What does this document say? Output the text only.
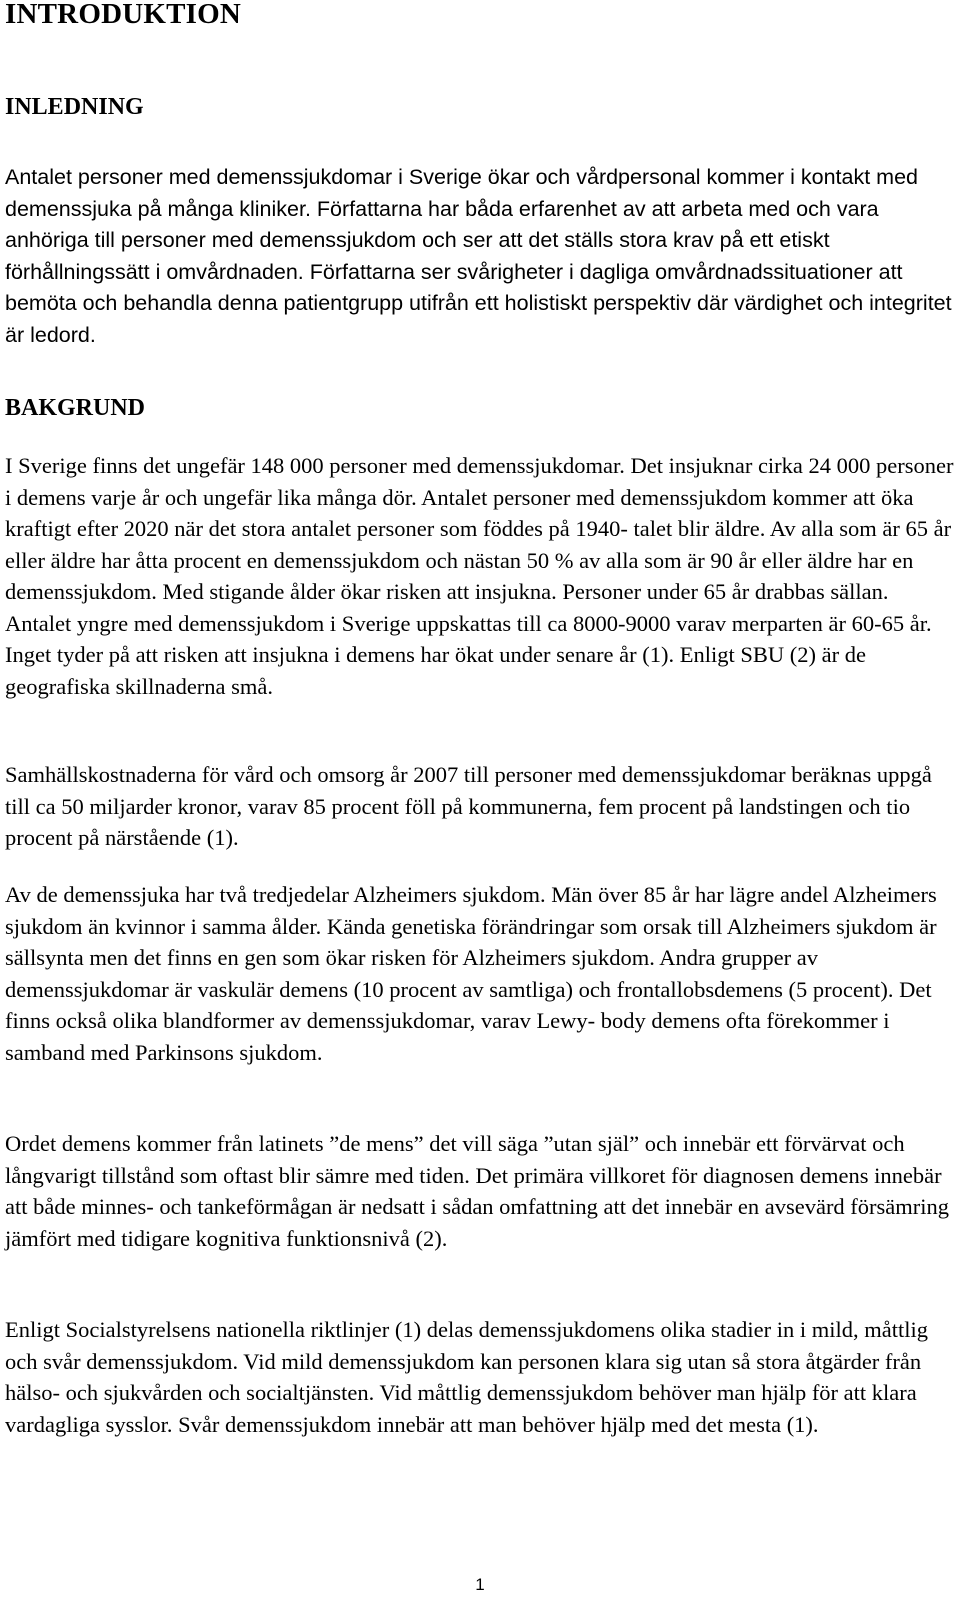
INTRODUKTION
INLEDNING

Antalet personer med demenssjukdomar i Sverige ökar och vårdpersonal kommer i kontakt med demenssjuka på många kliniker. Författarna har båda erfarenhet av att arbeta med och vara anhöriga till personer med demenssjukdom och ser att det ställs stora krav på ett etiskt förhållningssätt i omvårdnaden. Författarna ser svårigheter i dagliga omvårdnadssituationer att bemöta och behandla denna patientgrupp utifrån ett holistiskt perspektiv där värdighet och integritet är ledord.

BAKGRUND

I Sverige finns det ungefär 148 000 personer med demenssjukdomar. Det insjuknar cirka 24 000 personer i demens varje år och ungefär lika många dör. Antalet personer med demenssjukdom kommer att öka kraftigt efter 2020 när det stora antalet personer som föddes på 1940- talet blir äldre. Av alla som är 65 år eller äldre har åtta procent en demenssjukdom och nästan 50 % av alla som är 90 år eller äldre har en demenssjukdom. Med stigande ålder ökar risken att insjukna. Personer under 65 år drabbas sällan. Antalet yngre med demenssjukdom i Sverige uppskattas till ca 8000-9000 varav merparten är 60-65 år. Inget tyder på att risken att insjukna i demens har ökat under senare år (1). Enligt SBU (2) är de geografiska skillnaderna små.

Samhällskostnaderna för vård och omsorg år 2007 till personer med demenssjukdomar beräknas uppgå till ca 50 miljarder kronor, varav 85 procent föll på kommunerna, fem procent på landstingen och tio procent på närstående (1).

Av de demenssjuka har två tredjedelar Alzheimers sjukdom. Män över 85 år har lägre andel Alzheimers sjukdom än kvinnor i samma ålder. Kända genetiska förändringar som orsak till Alzheimers sjukdom är sällsynta men det finns en gen som ökar risken för Alzheimers sjukdom. Andra grupper av demenssjukdomar är vaskulär demens (10 procent av samtliga) och frontallobsdemens (5 procent). Det finns också olika blandformer av demenssjukdomar, varav Lewy- body demens ofta förekommer i samband med Parkinsons sjukdom.

Ordet demens kommer från latinets ”de mens” det vill säga ”utan själ” och innebär ett förvärvat och långvarigt tillstånd som oftast blir sämre med tiden. Det primära villkoret för diagnosen demens innebär att både minnes- och tankeförmågan är nedsatt i sådan omfattning att det innebär en avsevärd försämring jämfört med tidigare kognitiva funktionsnivå (2).

Enligt Socialstyrelsens nationella riktlinjer (1) delas demenssjukdomens olika stadier in i mild, måttlig och svår demenssjukdom. Vid mild demenssjukdom kan personen klara sig utan så stora åtgärder från hälso- och sjukvården och socialtjänsten. Vid måttlig demenssjukdom behöver man hjälp för att klara vardagliga sysslor. Svår demenssjukdom innebär att man behöver hjälp med det mesta (1).

1
